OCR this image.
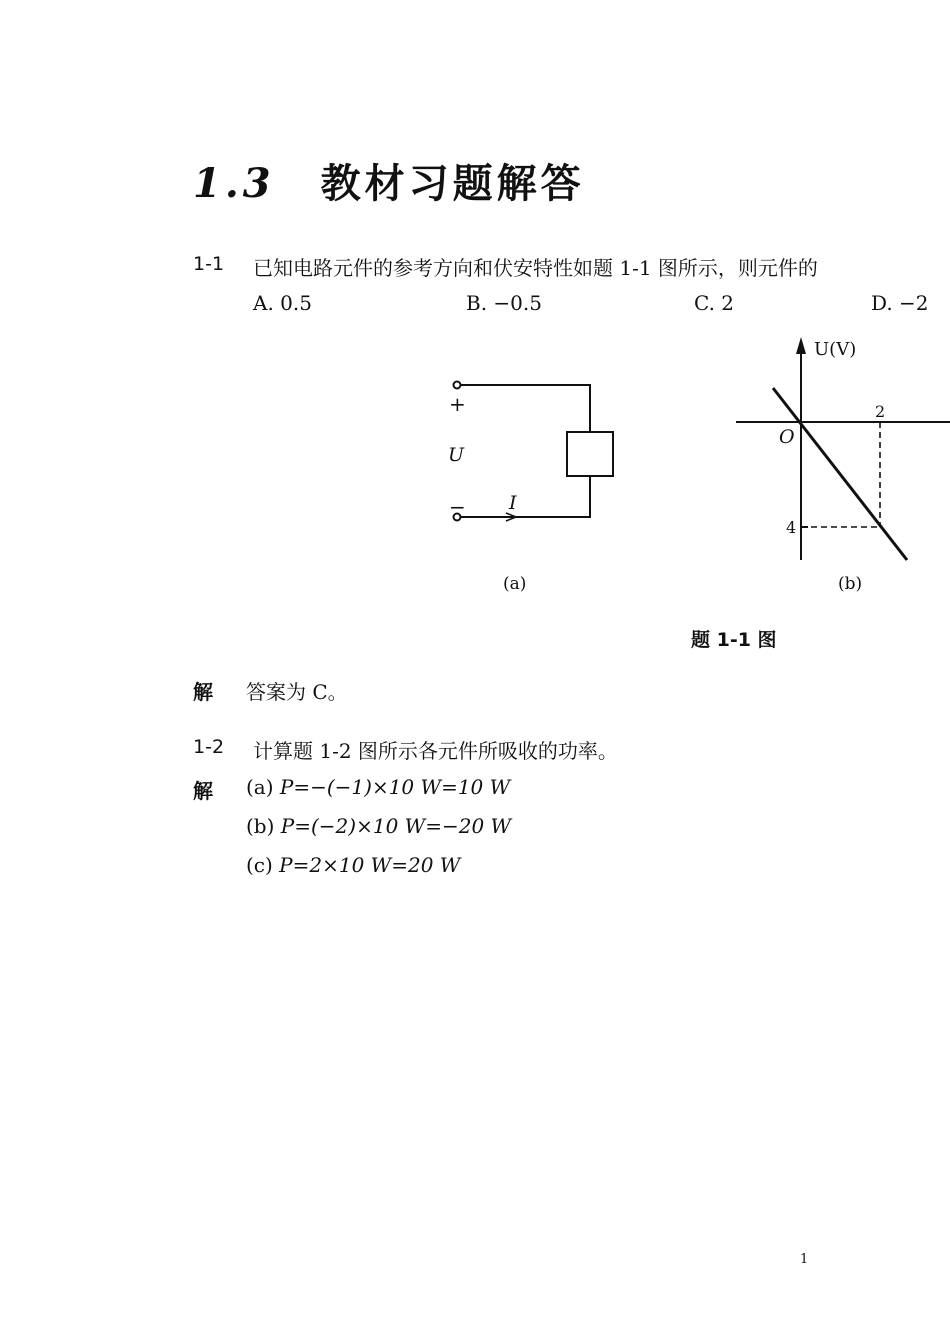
1.3 教材习题解答
1-1 已知电路元件的参考方向和伏安特性如题 1-1 图所示，则元件的
A. 0.5	B. −0.5	C. 2	D. −2
+
−
U
I
(a)
U(V)
O
2
4
(b)
题 1-1 图
解 答案为 C。
1-2 计算题 1-2 图所示各元件所吸收的功率。
解 (a) P=−(−1)×10 W=10 W
(b) P=(−2)×10 W=−20 W
(c) P=2×10 W=20 W
1
